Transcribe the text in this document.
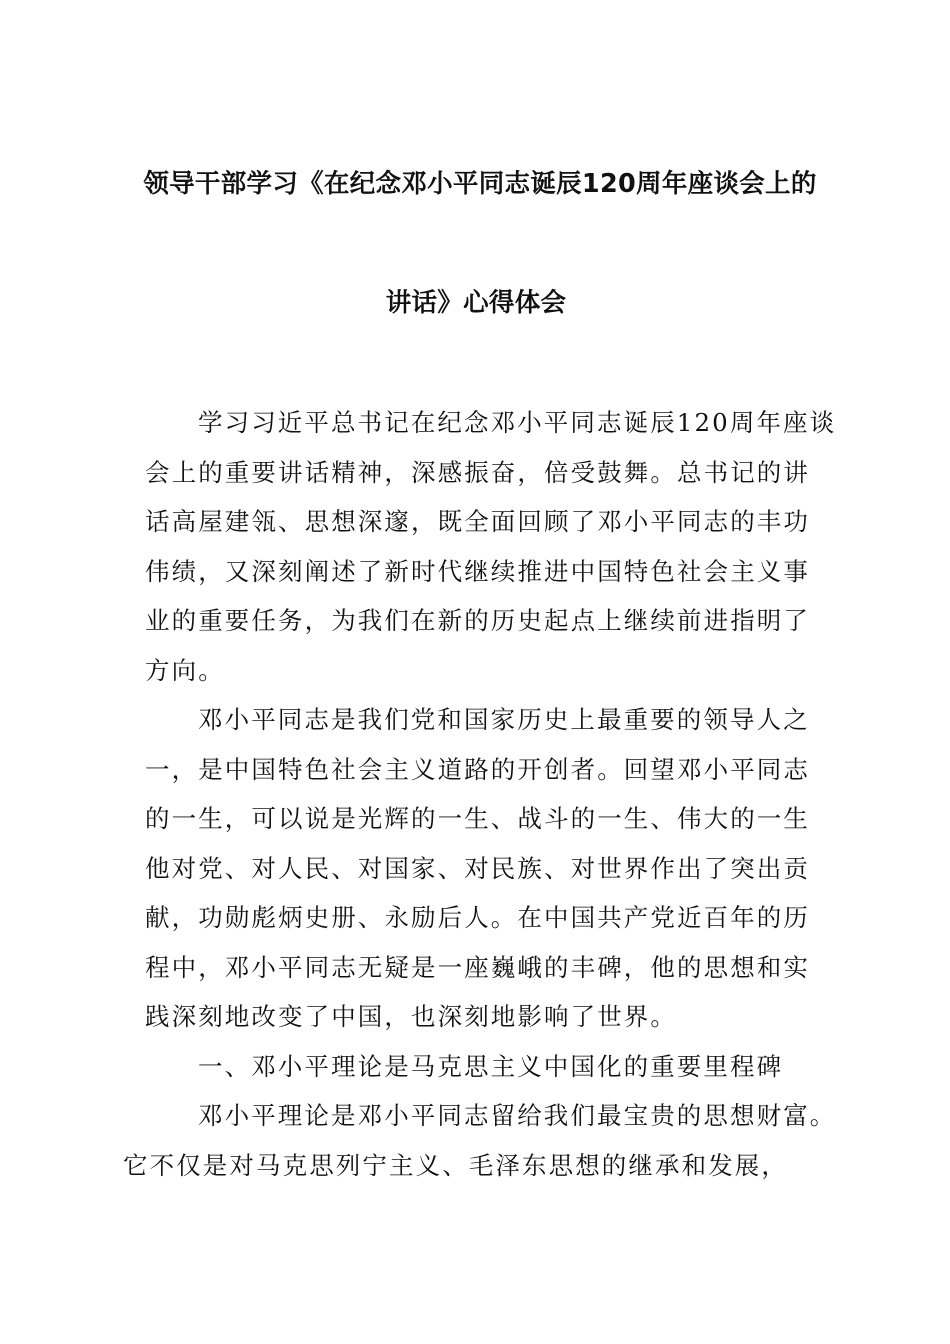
领导干部学习《在纪念邓小平同志诞辰120周年座谈会上的
讲话》心得体会
学习习近平总书记在纪念邓小平同志诞辰120周年座谈
会上的重要讲话精神，深感振奋，倍受鼓舞。总书记的讲
话高屋建瓴、思想深邃，既全面回顾了邓小平同志的丰功
伟绩，又深刻阐述了新时代继续推进中国特色社会主义事
业的重要任务，为我们在新的历史起点上继续前进指明了
方向。
邓小平同志是我们党和国家历史上最重要的领导人之
一，是中国特色社会主义道路的开创者。回望邓小平同志
的一生，可以说是光辉的一生、战斗的一生、伟大的一生
他对党、对人民、对国家、对民族、对世界作出了突出贡
献，功勋彪炳史册、永励后人。在中国共产党近百年的历
程中，邓小平同志无疑是一座巍峨的丰碑，他的思想和实
践深刻地改变了中国，也深刻地影响了世界。
一、邓小平理论是马克思主义中国化的重要里程碑
邓小平理论是邓小平同志留给我们最宝贵的思想财富。
它不仅是对马克思列宁主义、毛泽东思想的继承和发展，
